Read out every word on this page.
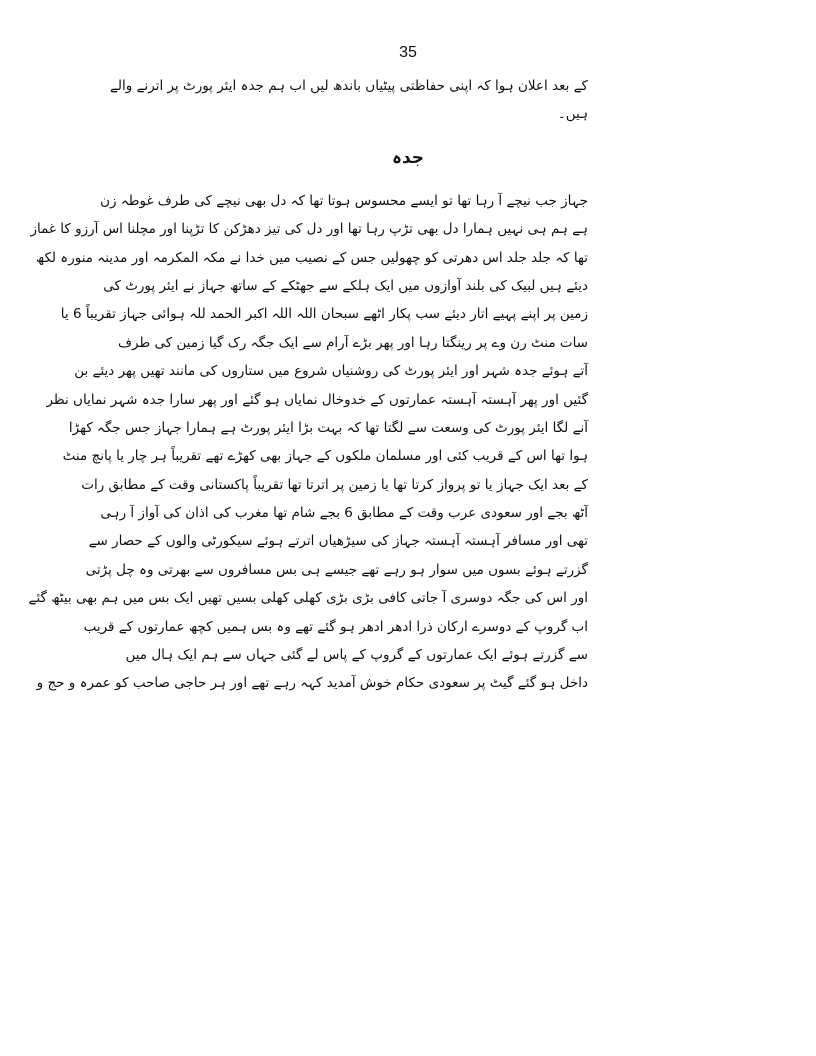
35
کے بعد اعلان ہوا کہ اپنی حفاظتی پیٹیاں باندھ لیں اب ہم جدہ ایئر پورٹ پر اترنے والے
ہیں۔
جدہ
جہاز جب نیچے آ رہا تھا تو ایسے محسوس ہوتا تھا کہ دل بھی نیچے کی طرف غوطہ زن
ہے ہم ہی نہیں ہمارا دل بھی تڑپ رہا تھا اور دل کی تیز دھڑکن کا تڑپنا اور مچلنا اس آرزو کا غماز
تھا کہ جلد جلد اس دھرتی کو چھولیں جس کے نصیب میں خدا نے مکہ المکرمہ اور مدینہ منورہ لکھ
دیئے ہیں لبیک کی بلند آوازوں میں ایک ہلکے سے جھٹکے کے ساتھ جہاز نے ایئر پورٹ کی
زمین پر اپنے پہیے اتار دیئے سب پکار اٹھے سبحان اللہ اللہ اکبر الحمد للہ ہوائی جہاز تقریباً 6 یا
سات منٹ رن وے پر رینگتا رہا اور پھر بڑے آرام سے ایک جگہ رک گیا زمین کی طرف
آتے ہوئے جدہ شہر اور ایئر پورٹ کی روشنیاں شروع میں ستاروں کی مانند تھیں پھر دیئے بن
گئیں اور پھر آہستہ آہستہ عمارتوں کے خدوخال نمایاں ہو گئے اور پھر سارا جدہ شہر نمایاں نظر
آنے لگا ایئر پورٹ کی وسعت سے لگتا تھا کہ بہت بڑا ایئر پورٹ ہے ہمارا جہاز جس جگہ کھڑا
ہوا تھا اس کے قریب کئی اور مسلمان ملکوں کے جہاز بھی کھڑے تھے تقریباً ہر چار یا پانچ منٹ
کے بعد ایک جہاز یا تو پرواز کرتا تھا یا زمین پر اترتا تھا تقریباً پاکستانی وقت کے مطابق رات
آٹھ بجے اور سعودی عرب وقت کے مطابق 6 بجے شام تھا مغرب کی اذان کی آواز آ رہی
تھی اور مسافر آہستہ آہستہ جہاز کی سیڑھیاں اترتے ہوئے سیکورٹی والوں کے حصار سے
گزرتے ہوئے بسوں میں سوار ہو رہے تھے جیسے ہی بس مسافروں سے بھرتی وہ چل پڑتی
اور اس کی جگہ دوسری آ جاتی کافی بڑی بڑی کھلی کھلی بسیں تھیں ایک بس میں ہم بھی بیٹھ گئے
اب گروپ کے دوسرے ارکان ذرا ادھر ادھر ہو گئے تھے وہ بس ہمیں کچھ عمارتوں کے قریب
سے گزرتے ہوئے ایک عمارتوں کے گروپ کے پاس لے گئی جہاں سے ہم ایک ہال میں
داخل ہو گئے گیٹ پر سعودی حکام خوش آمدید کہہ رہے تھے اور ہر حاجی صاحب کو عمرہ و حج و
